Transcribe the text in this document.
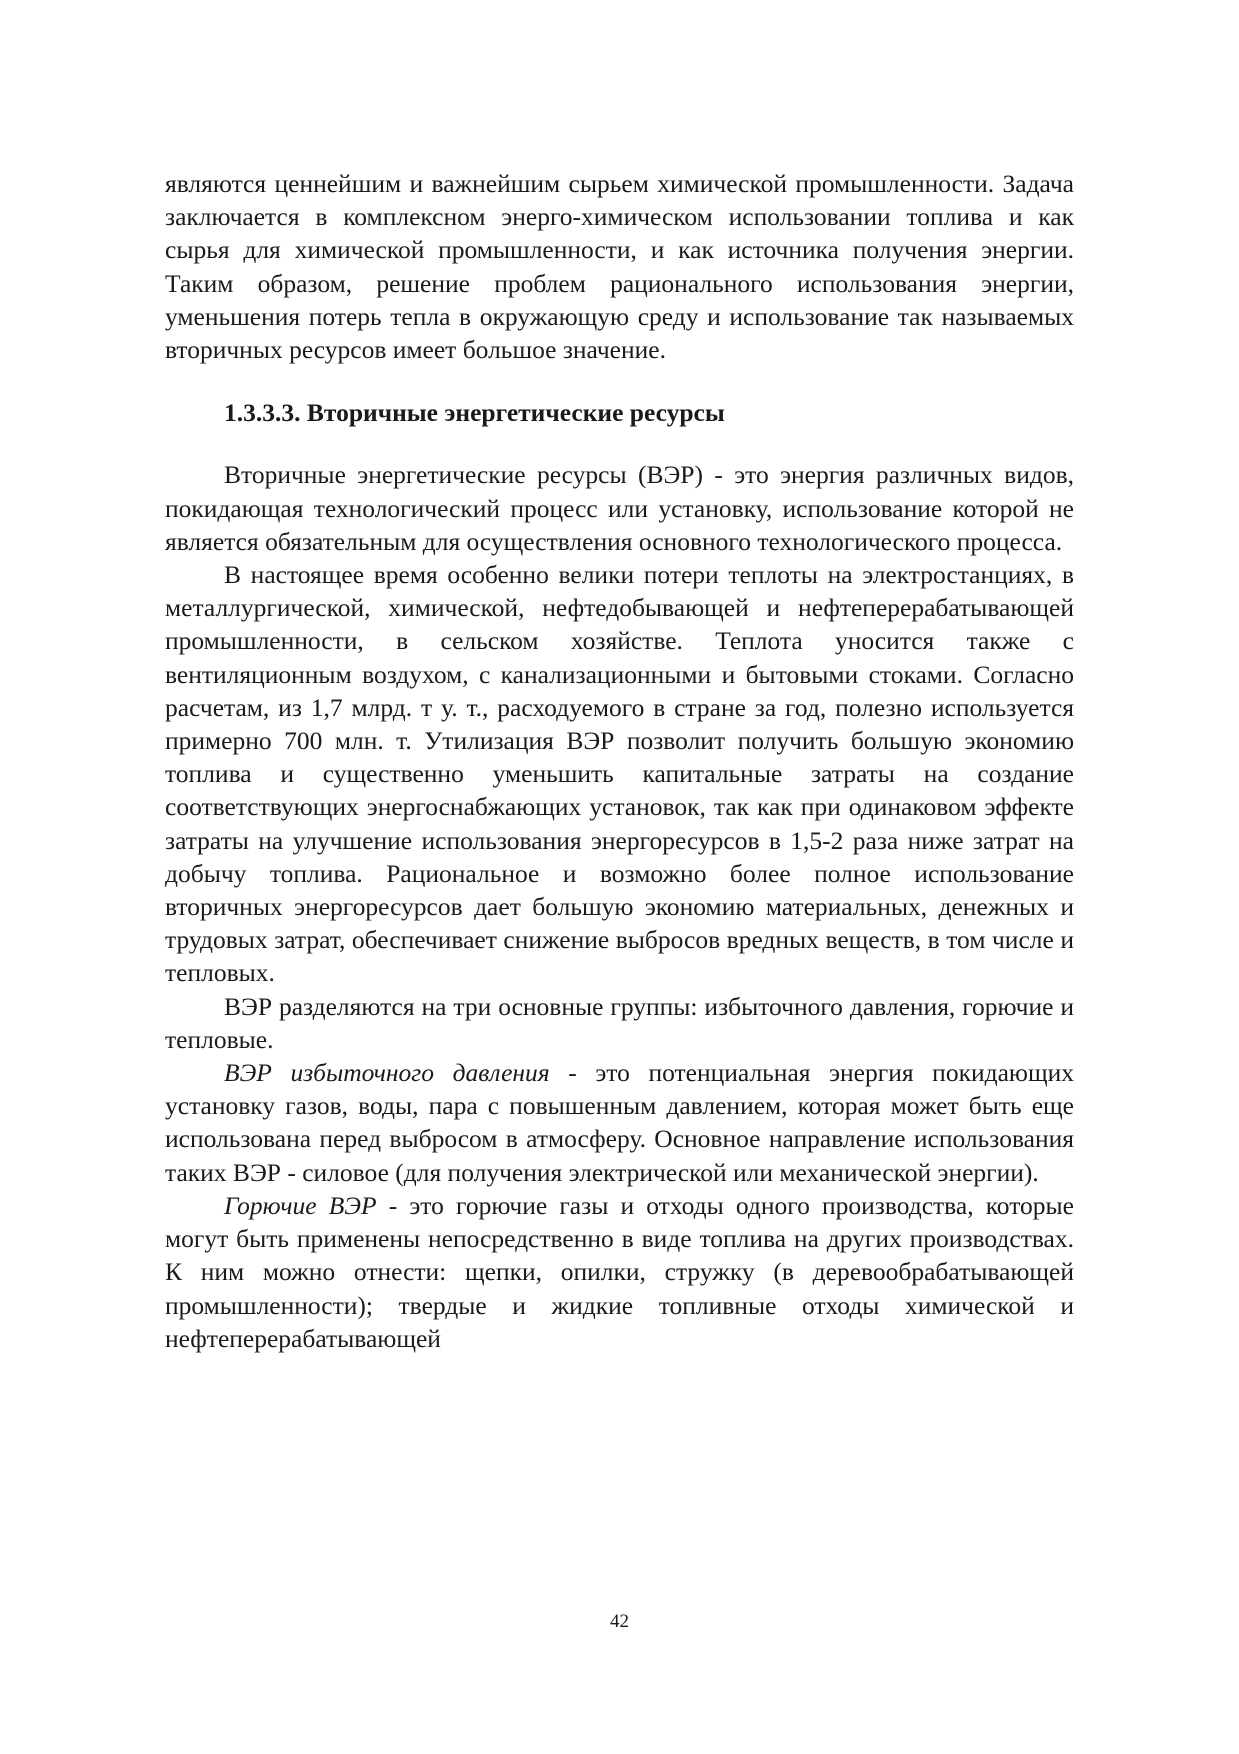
являются ценнейшим и важнейшим сырьем химической промышленности. Задача заключается в комплексном энерго-химическом использовании топлива и как сырья для химической промышленности, и как источника получения энергии. Таким образом, решение проблем рационального использования энергии, уменьшения потерь тепла в окружающую среду и использование так называемых вторичных ресурсов имеет большое значение.

1.3.3.3. Вторичные энергетические ресурсы

Вторичные энергетические ресурсы (ВЭР) - это энергия различных видов, покидающая технологический процесс или установку, использование которой не является обязательным для осуществления основного технологического процесса.

В настоящее время особенно велики потери теплоты на электростанциях, в металлургической, химической, нефтедобывающей и нефтеперерабатывающей промышленности, в сельском хозяйстве. Теплота уносится также с вентиляционным воздухом, с канализационными и бытовыми стоками. Согласно расчетам, из 1,7 млрд. т у. т., расходуемого в стране за год, полезно используется примерно 700 млн. т. Утилизация ВЭР позволит получить большую экономию топлива и существенно уменьшить капитальные затраты на создание соответствующих энергоснабжающих установок, так как при одинаковом эффекте затраты на улучшение использования энергоресурсов в 1,5-2 раза ниже затрат на добычу топлива. Рациональное и возможно более полное использование вторичных энергоресурсов дает большую экономию материальных, денежных и трудовых затрат, обеспечивает снижение выбросов вредных веществ, в том числе и тепловых.

ВЭР разделяются на три основные группы: избыточного давления, горючие и тепловые.

ВЭР избыточного давления - это потенциальная энергия покидающих установку газов, воды, пара с повышенным давлением, которая может быть еще использована перед выбросом в атмосферу. Основное направление использования таких ВЭР - силовое (для получения электрической или механической энергии).

Горючие ВЭР - это горючие газы и отходы одного производства, которые могут быть применены непосредственно в виде топлива на других производствах. К ним можно отнести: щепки, опилки, стружку (в деревообрабатывающей промышленности); твердые и жидкие топливные отходы химической и нефтеперерабатывающей

42
